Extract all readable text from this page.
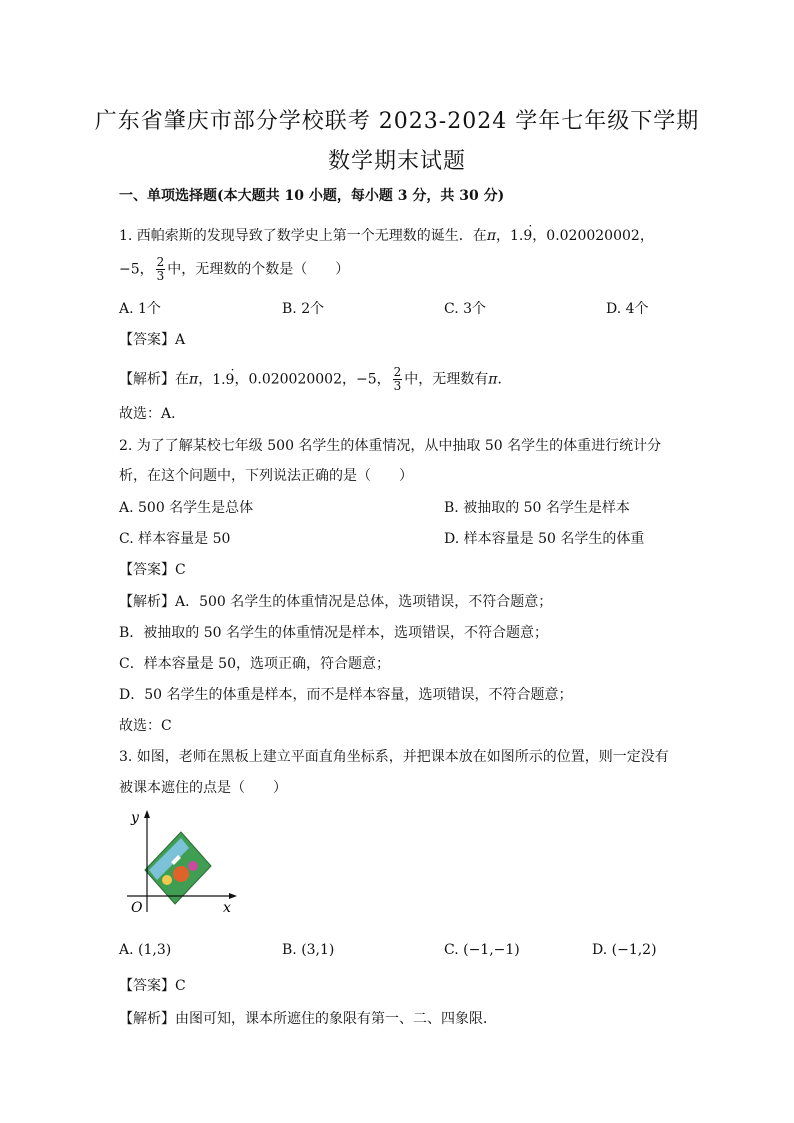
广东省肇庆市部分学校联考 2023-2024 学年七年级下学期
数学期末试题
一、单项选择题(本大题共 10 小题，每小题 3 分，共 30 分)
1. 西帕索斯的发现导致了数学史上第一个无理数的诞生．在π，1.9 ·，0.020020002，
−5， $\frac{2}{3}$ 中，无理数的个数是（　　）
A. 1个	B. 2个	C. 3个	D. 4个
【答案】A
【解析】在π，1.9 ·，0.020020002，−5， $\frac{2}{3}$ 中，无理数有π．
故选：A．
2. 为了了解某校七年级 500 名学生的体重情况，从中抽取 50 名学生的体重进行统计分
析，在这个问题中，下列说法正确的是（　　）
A. 500 名学生是总体	B. 被抽取的 50 名学生是样本
C. 样本容量是 50	D. 样本容量是 50 名学生的体重
【答案】C
【解析】A．500 名学生的体重情况是总体，选项错误，不符合题意；
B．被抽取的 50 名学生的体重情况是样本，选项错误，不符合题意；
C．样本容量是 50，选项正确，符合题意；
D．50 名学生的体重是样本，而不是样本容量，选项错误，不符合题意；
故选：C
3. 如图，老师在黑板上建立平面直角坐标系，并把课本放在如图所示的位置，则一定没有
被课本遮住的点是（　　）
y
x
O
A. (1,3)	B. (3,1)	C. (−1,−1)	D. (−1,2)
【答案】C
【解析】由图可知，课本所遮住的象限有第一、二、四象限．
